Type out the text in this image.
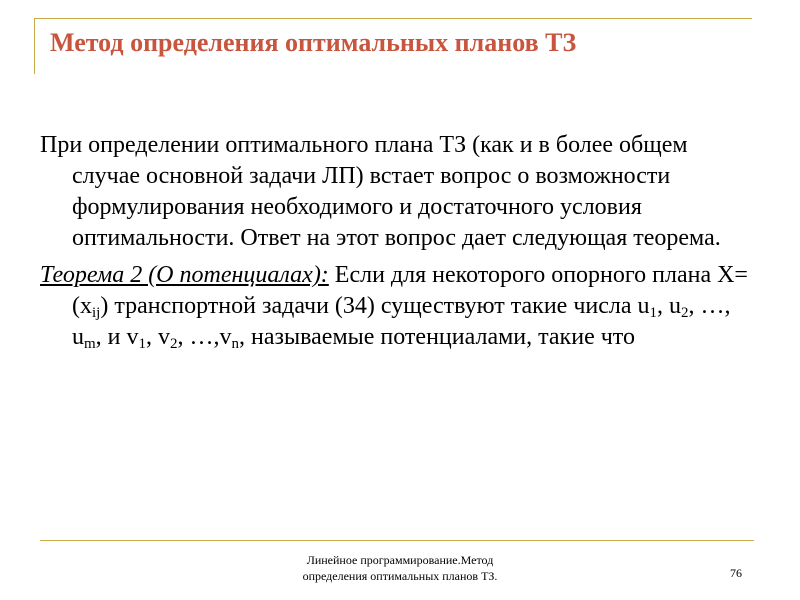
Метод определения оптимальных планов ТЗ

При определении оптимального плана ТЗ (как и в более общем случае основной задачи ЛП) встает вопрос о возможности формулирования необходимого и достаточного условия оптимальности. Ответ на этот вопрос дает следующая теорема.

Теорема 2 (О потенциалах): Если для некоторого опорного плана $X=(x_{ij})$ транспортной задачи (34) существуют такие числа $u_1$, $u_2$, …, $u_m$, и $v_1$, $v_2$, $\dots,v_n$, называемые потенциалами, такие что

Линейное программирование.Метод
определения оптимальных планов ТЗ.	76
